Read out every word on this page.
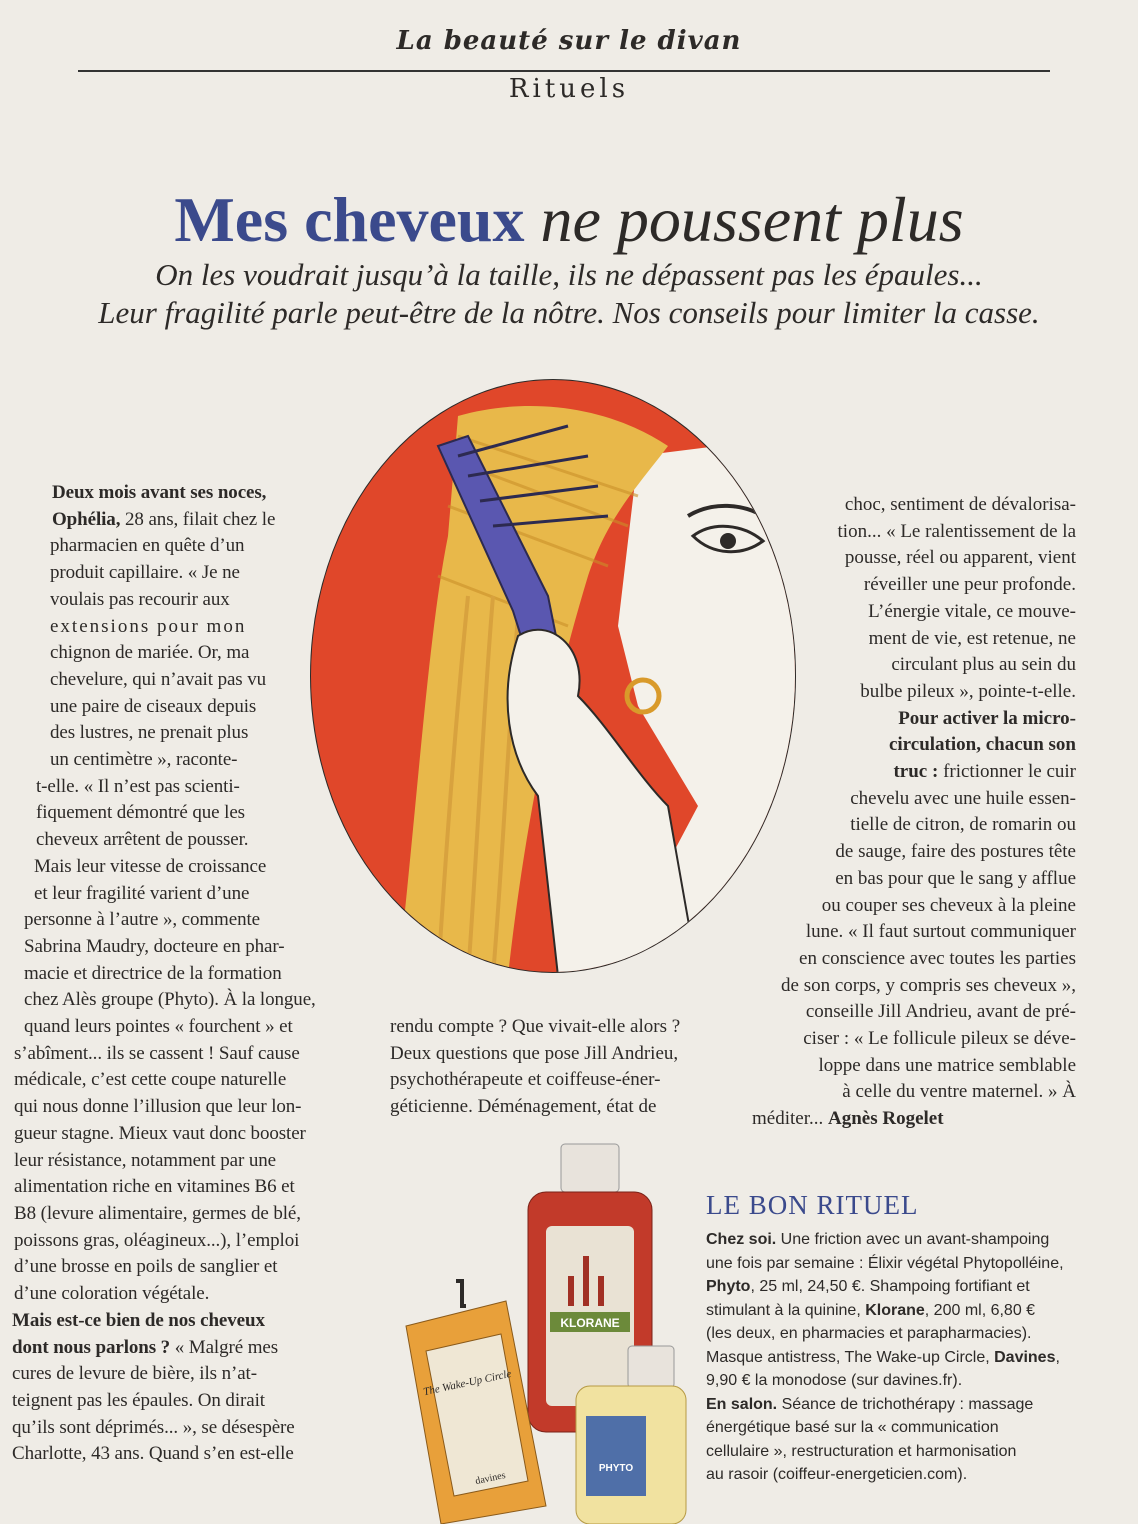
La beauté sur le divan
Rituels
Mes cheveux ne poussent plus
On les voudrait jusqu’à la taille, ils ne dépassent pas les épaules...
Leur fragilité parle peut-être de la nôtre. Nos conseils pour limiter la casse.
Deux mois avant ses noces,
Ophélia, 28 ans, filait chez le
pharmacien en quête d’un
produit capillaire. « Je ne
voulais pas recourir aux
extensions pour mon
chignon de mariée. Or, ma
chevelure, qui n’avait pas vu
une paire de ciseaux depuis
des lustres, ne prenait plus
un centimètre », raconte-
t-elle. « Il n’est pas scienti-
fiquement démontré que les
cheveux arrêtent de pousser.
Mais leur vitesse de croissance
et leur fragilité varient d’une
personne à l’autre », commente
Sabrina Maudry, docteure en phar-
macie et directrice de la formation
chez Alès groupe (Phyto). À la longue,
quand leurs pointes « fourchent » et
s’abîment... ils se cassent ! Sauf cause
médicale, c’est cette coupe naturelle
qui nous donne l’illusion que leur lon-
gueur stagne. Mieux vaut donc booster
leur résistance, notamment par une
alimentation riche en vitamines B6 et
B8 (levure alimentaire, germes de blé,
poissons gras, oléagineux...), l’emploi
d’une brosse en poils de sanglier et
d’une coloration végétale.
Mais est-ce bien de nos cheveux
dont nous parlons ? « Malgré mes
cures de levure de bière, ils n’at-
teignent pas les épaules. On dirait
qu’ils sont déprimés... », se désespère
Charlotte, 43 ans. Quand s’en est-elle
rendu compte ? Que vivait-elle alors ?
Deux questions que pose Jill Andrieu,
psychothérapeute et coiffeuse-éner-
géticienne. Déménagement, état de
choc, sentiment de dévalorisa-
tion... « Le ralentissement de la
pousse, réel ou apparent, vient
réveiller une peur profonde.
L’énergie vitale, ce mouve-
ment de vie, est retenue, ne
circulant plus au sein du
bulbe pileux », pointe-t-elle.
Pour activer la micro-
circulation, chacun son
truc : frictionner le cuir
chevelu avec une huile essen-
tielle de citron, de romarin ou
de sauge, faire des postures tête
en bas pour que le sang y afflue
ou couper ses cheveux à la pleine
lune. « Il faut surtout communiquer
en conscience avec toutes les parties
de son corps, y compris ses cheveux »,
conseille Jill Andrieu, avant de pré-
ciser : « Le follicule pileux se déve-
loppe dans une matrice semblable
à celle du ventre maternel. » À
méditer... Agnès Rogelet
KLORANE
The Wake-Up Circle
davines
PHYTO
LE BON RITUEL
Chez soi. Une friction avec un avant-shampoing
une fois par semaine : Élixir végétal Phytopolléine,
Phyto, 25 ml, 24,50 €. Shampoing fortifiant et
stimulant à la quinine, Klorane, 200 ml, 6,80 €
(les deux, en pharmacies et parapharmacies).
Masque antistress, The Wake-up Circle, Davines,
9,90 € la monodose (sur davines.fr).
En salon. Séance de trichothérapy : massage
énergétique basé sur la « communication
cellulaire », restructuration et harmonisation
au rasoir (coiffeur-energeticien.com).
